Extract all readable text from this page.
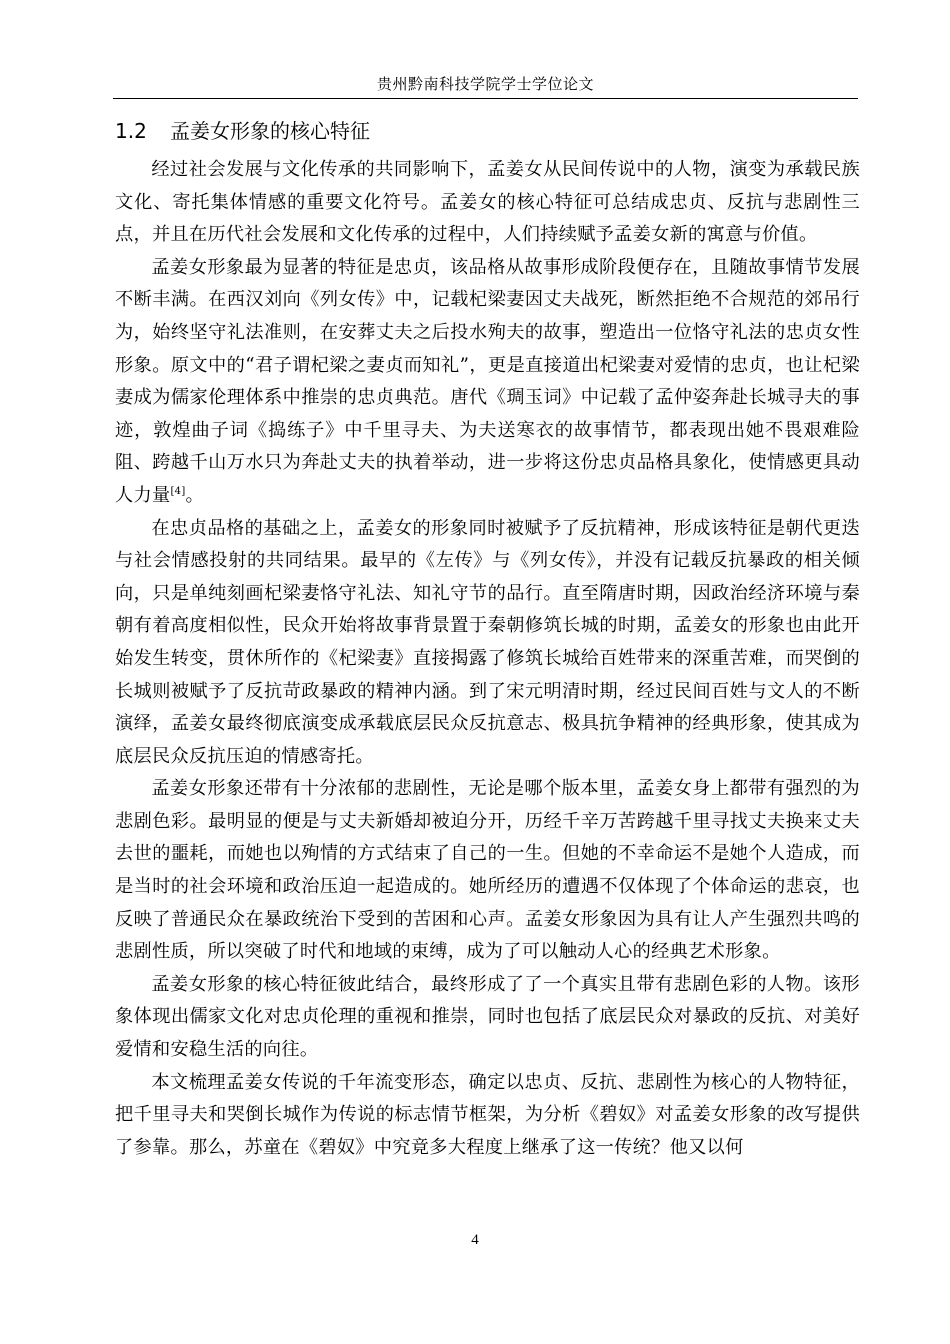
贵州黔南科技学院学士学位论文
1.2 孟姜女形象的核心特征

经过社会发展与文化传承的共同影响下，孟姜女从民间传说中的人物，演变为承载民族文化、寄托集体情感的重要文化符号。孟姜女的核心特征可总结成忠贞、反抗与悲剧性三点，并且在历代社会发展和文化传承的过程中，人们持续赋予孟姜女新的寓意与价值。

孟姜女形象最为显著的特征是忠贞，该品格从故事形成阶段便存在，且随故事情节发展不断丰满。在西汉刘向《列女传》中，记载杞梁妻因丈夫战死，断然拒绝不合规范的郊吊行为，始终坚守礼法准则，在安葬丈夫之后投水殉夫的故事，塑造出一位恪守礼法的忠贞女性形象。原文中的“君子谓杞梁之妻贞而知礼”，更是直接道出杞梁妻对爱情的忠贞，也让杞梁妻成为儒家伦理体系中推崇的忠贞典范。唐代《琱玉词》中记载了孟仲姿奔赴长城寻夫的事迹，敦煌曲子词《捣练子》中千里寻夫、为夫送寒衣的故事情节，都表现出她不畏艰难险阻、跨越千山万水只为奔赴丈夫的执着举动，进一步将这份忠贞品格具象化，使情感更具动人力量[4]。

在忠贞品格的基础之上，孟姜女的形象同时被赋予了反抗精神，形成该特征是朝代更迭与社会情感投射的共同结果。最早的《左传》与《列女传》，并没有记载反抗暴政的相关倾向，只是单纯刻画杞梁妻恪守礼法、知礼守节的品行。直至隋唐时期，因政治经济环境与秦朝有着高度相似性，民众开始将故事背景置于秦朝修筑长城的时期，孟姜女的形象也由此开始发生转变，贯休所作的《杞梁妻》直接揭露了修筑长城给百姓带来的深重苦难，而哭倒的长城则被赋予了反抗苛政暴政的精神内涵。到了宋元明清时期，经过民间百姓与文人的不断演绎，孟姜女最终彻底演变成承载底层民众反抗意志、极具抗争精神的经典形象，使其成为底层民众反抗压迫的情感寄托。

孟姜女形象还带有十分浓郁的悲剧性，无论是哪个版本里，孟姜女身上都带有强烈的为悲剧色彩。最明显的便是与丈夫新婚却被迫分开，历经千辛万苦跨越千里寻找丈夫换来丈夫去世的噩耗，而她也以殉情的方式结束了自己的一生。但她的不幸命运不是她个人造成，而是当时的社会环境和政治压迫一起造成的。她所经历的遭遇不仅体现了个体命运的悲哀，也反映了普通民众在暴政统治下受到的苦困和心声。孟姜女形象因为具有让人产生强烈共鸣的悲剧性质，所以突破了时代和地域的束缚，成为了可以触动人心的经典艺术形象。

孟姜女形象的核心特征彼此结合，最终形成了了一个真实且带有悲剧色彩的人物。该形象体现出儒家文化对忠贞伦理的重视和推崇，同时也包括了底层民众对暴政的反抗、对美好爱情和安稳生活的向往。

本文梳理孟姜女传说的千年流变形态，确定以忠贞、反抗、悲剧性为核心的人物特征，把千里寻夫和哭倒长城作为传说的标志情节框架，为分析《碧奴》对孟姜女形象的改写提供了参靠。那么，苏童在《碧奴》中究竟多大程度上继承了这一传统？他又以何

4
